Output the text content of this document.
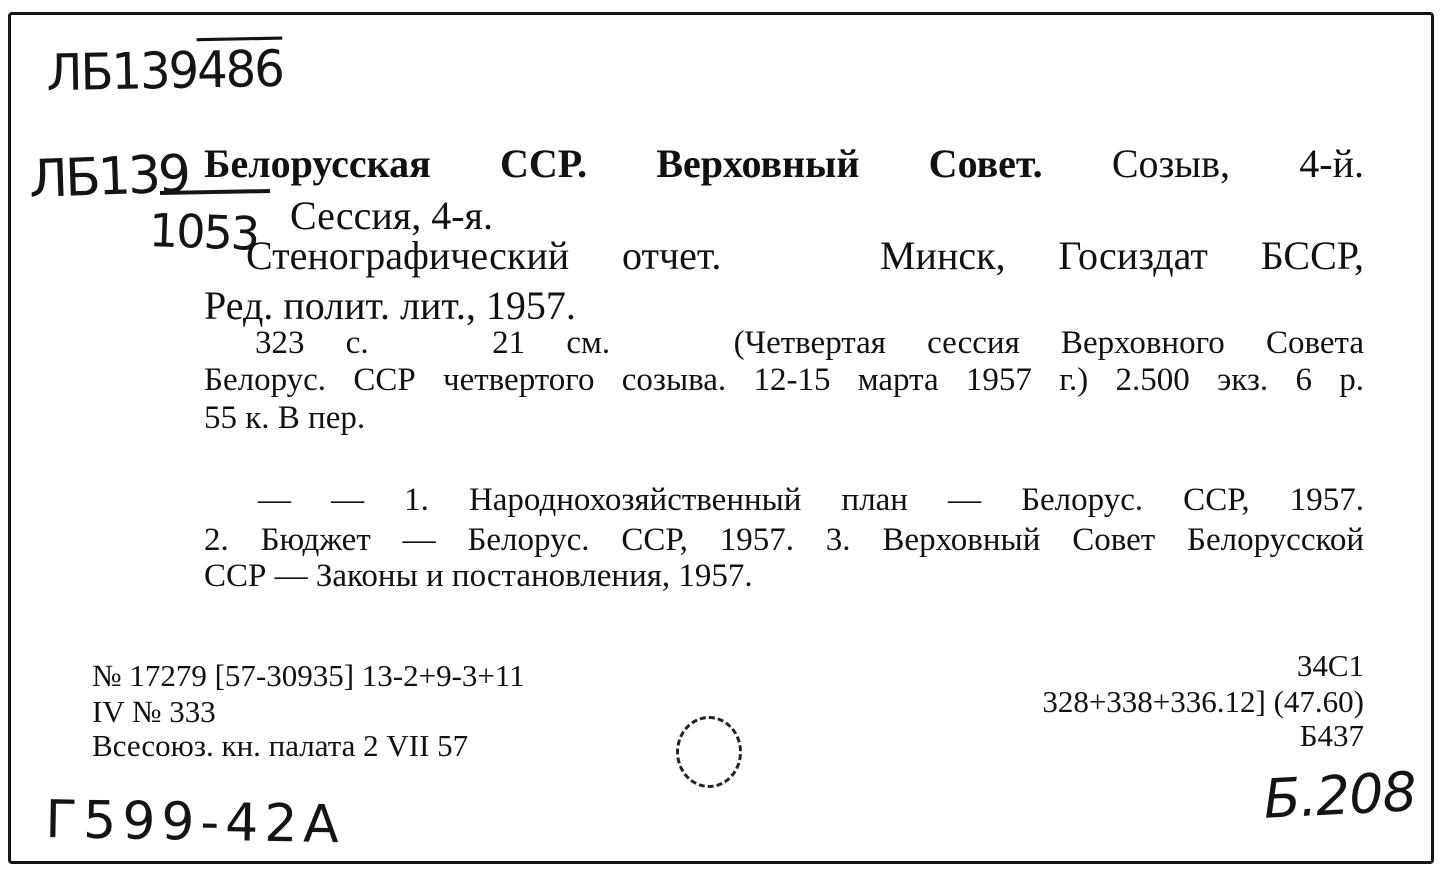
ЛБ139486
ЛБ139
1053
Г599-42А	Б.208
Белорусская ССР. Верховный Совет. Созыв, 4-й.
Сессия, 4-я.
Стенографический отчет.   Минск, Госиздат БССР,
Ред. полит. лит., 1957.
323 с.   21 см.   (Четвертая сессия Верховного Совета
Белорус. ССР четвертого созыва. 12-15 марта 1957 г.) 2.500 экз. 6 р.
55 к. В пер.
— — 1. Народнохозяйственный план — Белорус. ССР, 1957.
2. Бюджет — Белорус. ССР, 1957. 3. Верховный Совет Белорусской
ССР — Законы и постановления, 1957.
№ 17279 [57-30935] 13-2+9-3+11
IV № 333
Всесоюз. кн. палата 2 VII 57
34С1
328+338+336.12] (47.60)
Б437
